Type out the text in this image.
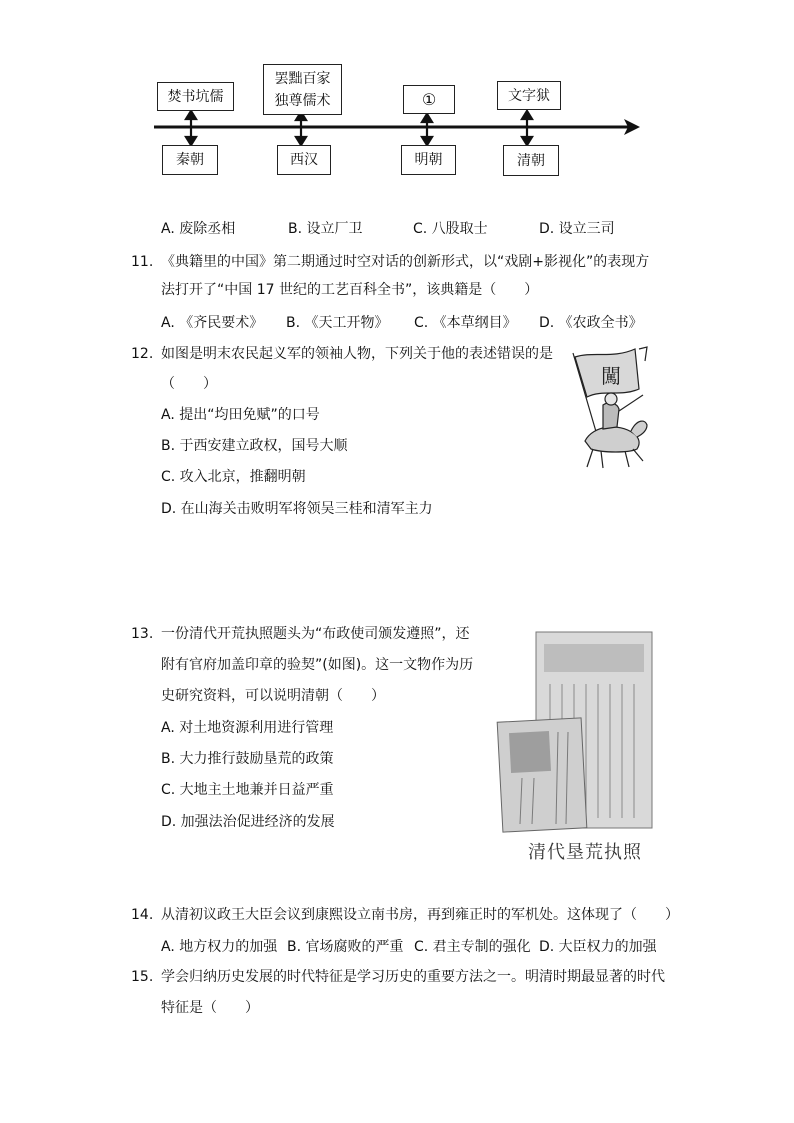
焚书坑儒
罢黜百家
独尊儒术	①	文字狱
秦朝	西汉	明朝	清朝
A. 废除丞相	B. 设立厂卫	C. 八股取士	D. 设立三司
11. 《典籍里的中国》第二期通过时空对话的创新形式，以“戏剧+影视化”的表现方
法打开了“中国 17 世纪的工艺百科全书”，该典籍是（　　）
A. 《齐民要术》 B. 《天工开物》 C. 《本草纲目》 D. 《农政全书》
12. 如图是明末农民起义军的领袖人物，下列关于他的表述错误的是
（　　）
A. 提出“均田免赋”的口号
B. 于西安建立政权，国号大顺
C. 攻入北京，推翻明朝
D. 在山海关击败明军将领吴三桂和清军主力
闖
13. 一份清代开荒执照题头为“布政使司颁发遵照”，还
附有官府加盖印章的验契”(如图)。这一文物作为历
史研究资料，可以说明清朝（　　）
A. 对土地资源利用进行管理
B. 大力推行鼓励垦荒的政策
C. 大地主土地兼并日益严重
D. 加强法治促进经济的发展
清代垦荒执照
14. 从清初议政王大臣会议到康熙设立南书房，再到雍正时的军机处。这体现了（　　）
A. 地方权力的加强 B. 官场腐败的严重 C. 君主专制的强化 D. 大臣权力的加强
15. 学会归纳历史发展的时代特征是学习历史的重要方法之一。明清时期最显著的时代
特征是（　　）
